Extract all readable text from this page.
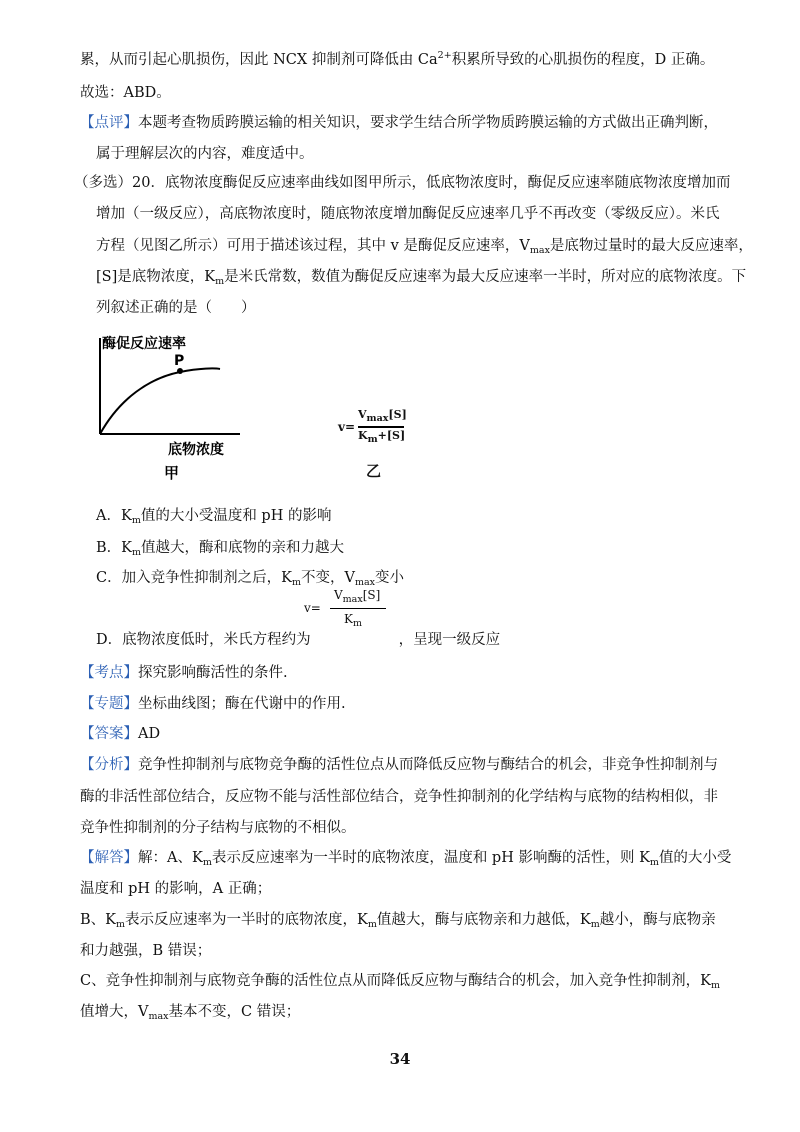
累，从而引起心肌损伤，因此 NCX 抑制剂可降低由 $Ca^{2+}$积累所导致的心肌损伤的程度，D 正确。
故选：ABD。
【点评】本题考查物质跨膜运输的相关知识，要求学生结合所学物质跨膜运输的方式做出正确判断，
属于理解层次的内容，难度适中。
（多选）20．底物浓度酶促反应速率曲线如图甲所示，低底物浓度时，酶促反应速率随底物浓度增加而
增加（一级反应），高底物浓度时，随底物浓度增加酶促反应速率几乎不再改变（零级反应）。米氏
方程（见图乙所示）可用于描述该过程，其中 v 是酶促反应速率，$V_{max}$是底物过量时的最大反应速率，
[S]是底物浓度，$K_m$是米氏常数，数值为酶促反应速率为最大反应速率一半时，所对应的底物浓度。下
列叙述正确的是（　　）
酶促反应速率
P
底物浓度
甲
v=
$V_{max}[S]$
$K_m+[S]$
乙
A．$K_m$值的大小受温度和 pH 的影响
B．$K_m$值越大，酶和底物的亲和力越大
C．加入竞争性抑制剂之后，$K_m$不变，$V_{max}$变小
v=
$V_{max}[S]$
$K_m$
D．底物浓度低时，米氏方程约为	，呈现一级反应
【考点】探究影响酶活性的条件.
【专题】坐标曲线图；酶在代谢中的作用.
【答案】AD
【分析】竞争性抑制剂与底物竞争酶的活性位点从而降低反应物与酶结合的机会，非竞争性抑制剂与
酶的非活性部位结合，反应物不能与活性部位结合，竞争性抑制剂的化学结构与底物的结构相似，非
竞争性抑制剂的分子结构与底物的不相似。
【解答】解：A、$K_m$表示反应速率为一半时的底物浓度，温度和 pH 影响酶的活性，则 $K_m$值的大小受
温度和 pH 的影响，A 正确；
B、$K_m$表示反应速率为一半时的底物浓度，$K_m$值越大，酶与底物亲和力越低，$K_m$越小，酶与底物亲
和力越强，B 错误；
C、竞争性抑制剂与底物竞争酶的活性位点从而降低反应物与酶结合的机会，加入竞争性抑制剂，$K_m$
值增大，$V_{max}$基本不变，C 错误；
34
